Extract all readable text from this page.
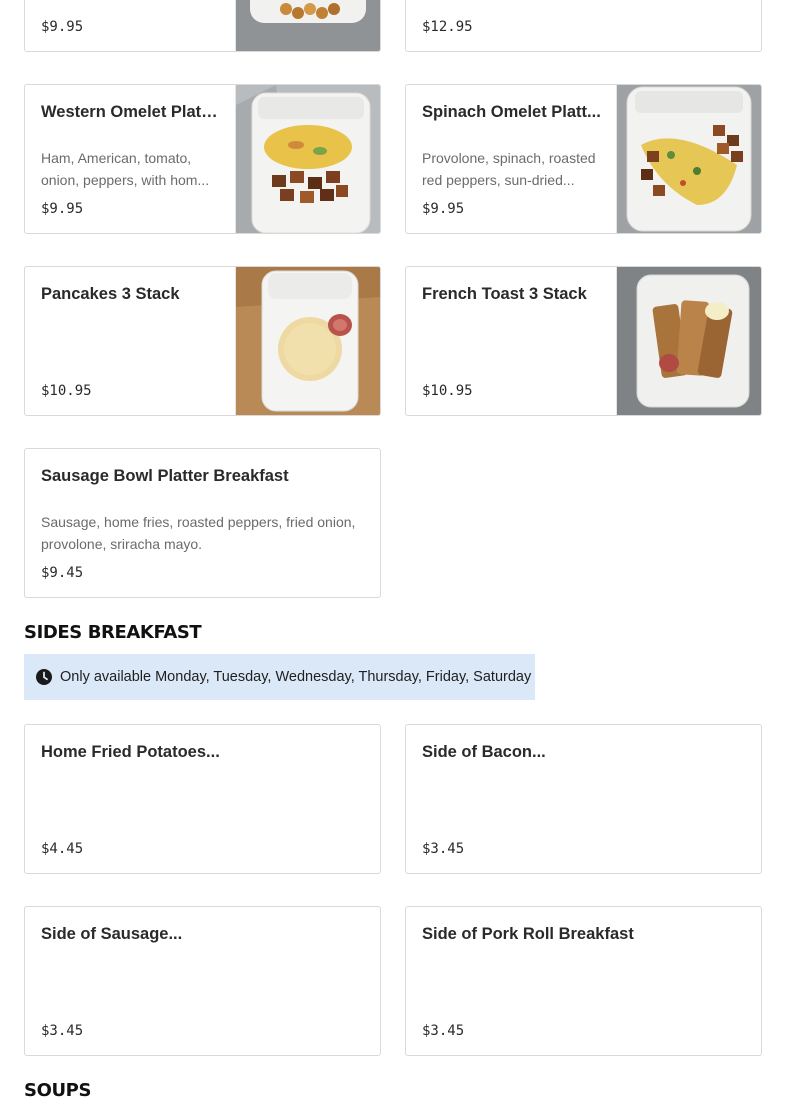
$9.95	$12.95
Western Omelet Platt...
Ham, American, tomato, onion, peppers, with hom...
$9.95
Spinach Omelet Platt...
Provolone, spinach, roasted red peppers, sun-dried...
$9.95
Pancakes 3 Stack
$10.95
French Toast 3 Stack
$10.95
Sausage Bowl Platter Breakfast
Sausage, home fries, roasted peppers, fried onion, provolone, sriracha mayo.
$9.45
SIDES BREAKFAST
Only available Monday, Tuesday, Wednesday, Thursday, Friday, Saturday
Home Fried Potatoes...
$4.45
Side of Bacon...
$3.45
Side of Sausage...
$3.45
Side of Pork Roll Breakfast
$3.45
SOUPS
